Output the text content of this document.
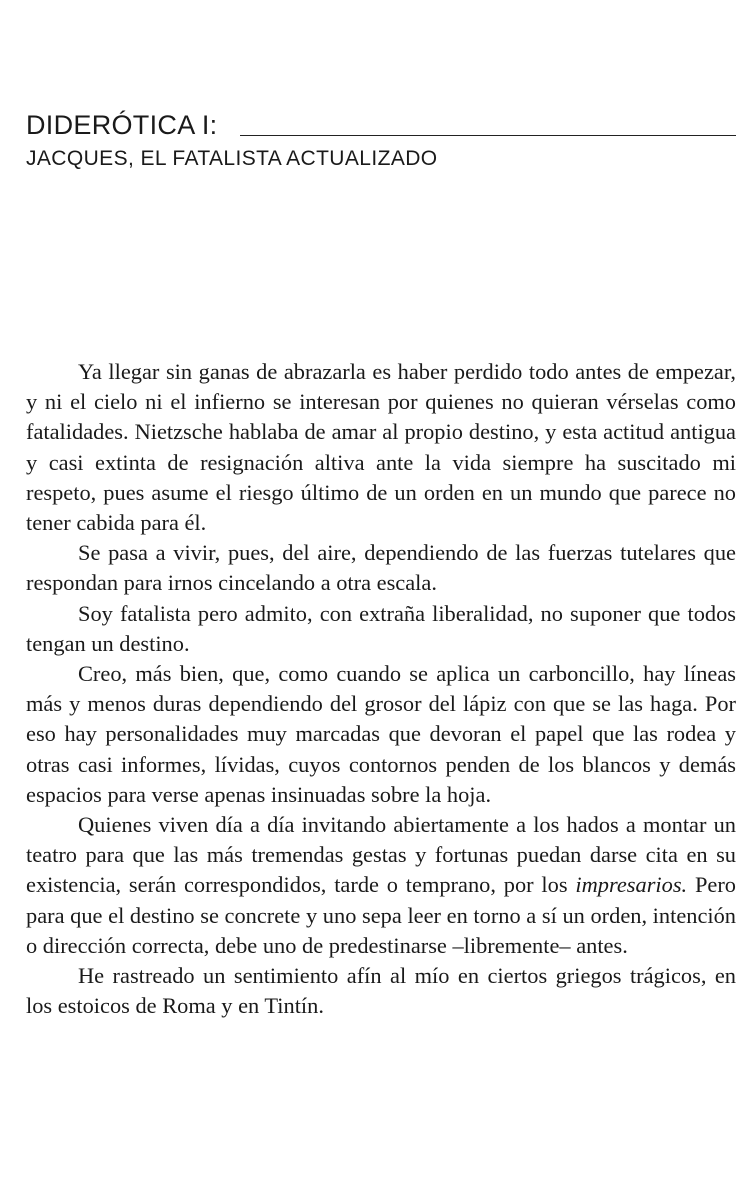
DIDERÓTICA I:
JACQUES, EL FATALISTA ACTUALIZADO

Ya llegar sin ganas de abrazarla es haber perdido todo antes de empezar, y ni el cielo ni el infierno se interesan por quienes no quieran vérselas como fatalidades. Nietzsche hablaba de amar al propio destino, y esta actitud antigua y casi extinta de resignación altiva ante la vida siempre ha suscitado mi respeto, pues asume el riesgo último de un orden en un mundo que parece no tener cabida para él.

Se pasa a vivir, pues, del aire, dependiendo de las fuerzas tutelares que respondan para irnos cincelando a otra escala.

Soy fatalista pero admito, con extraña liberalidad, no suponer que todos tengan un destino.

Creo, más bien, que, como cuando se aplica un carboncillo, hay líneas más y menos duras dependiendo del grosor del lápiz con que se las haga. Por eso hay personalidades muy marcadas que devoran el papel que las rodea y otras casi informes, lívidas, cuyos contornos penden de los blancos y demás espacios para verse apenas insinuadas sobre la hoja.

Quienes viven día a día invitando abiertamente a los hados a montar un teatro para que las más tremendas gestas y fortunas puedan darse cita en su existencia, serán correspondidos, tarde o temprano, por los impresarios. Pero para que el destino se concrete y uno sepa leer en torno a sí un orden, intención o dirección correcta, debe uno de predestinarse –libremente– antes.

He rastreado un sentimiento afín al mío en ciertos griegos trágicos, en los estoicos de Roma y en Tintín.
